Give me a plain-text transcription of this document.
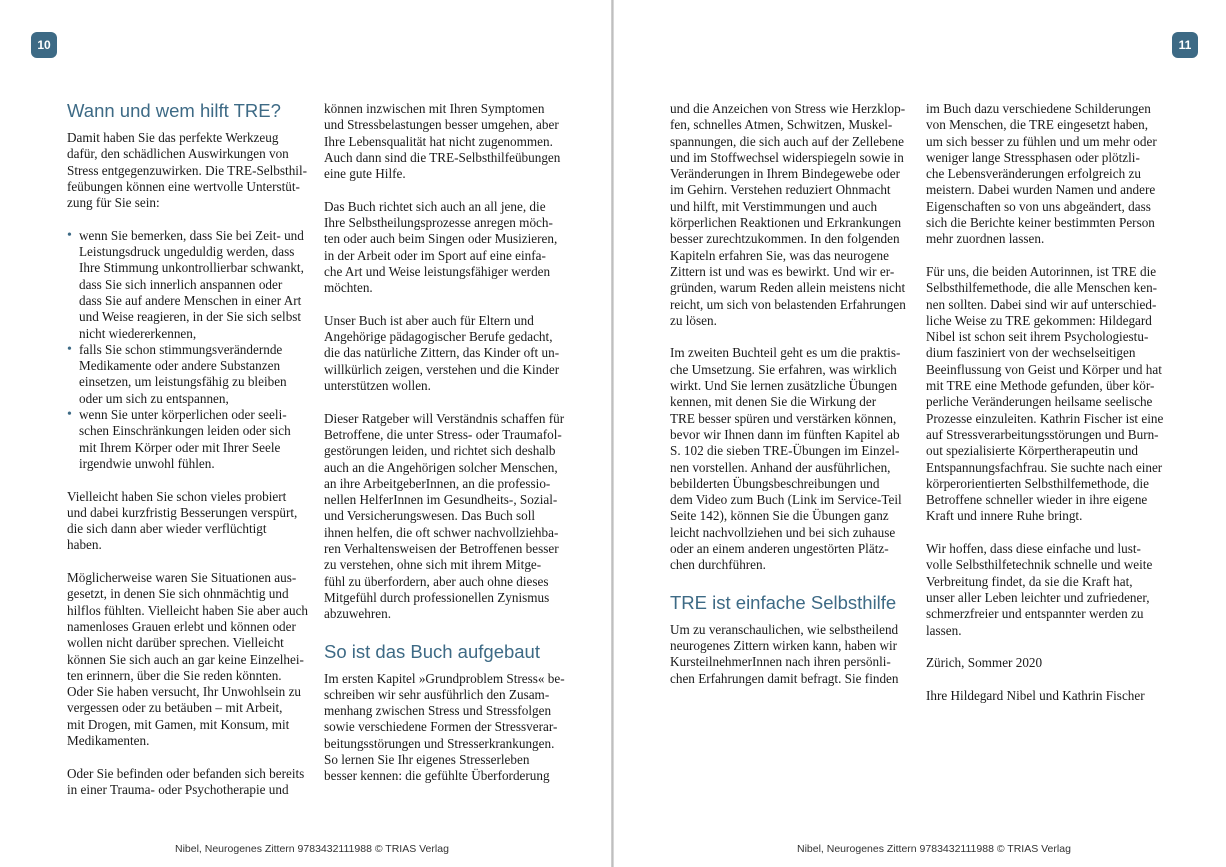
10
Wann und wem hilft TRE?
Damit haben Sie das perfekte Werkzeug
dafür, den schädlichen Auswirkungen von
Stress entgegenzuwirken. Die TRE-Selbsthil-
feübungen können eine wertvolle Unterstüt-
zung für Sie sein:
• wenn Sie bemerken, dass Sie bei Zeit- und
Leistungsdruck ungeduldig werden, dass
Ihre Stimmung unkontrollierbar schwankt,
dass Sie sich innerlich anspannen oder
dass Sie auf andere Menschen in einer Art
und Weise reagieren, in der Sie sich selbst
nicht wiedererkennen,
• falls Sie schon stimmungsverändernde
Medikamente oder andere Substanzen
einsetzen, um leistungsfähig zu bleiben
oder um sich zu entspannen,
• wenn Sie unter körperlichen oder seeli-
schen Einschränkungen leiden oder sich
mit Ihrem Körper oder mit Ihrer Seele
irgendwie unwohl fühlen.
Vielleicht haben Sie schon vieles probiert
und dabei kurzfristig Besserungen verspürt,
die sich dann aber wieder verflüchtigt
haben.
Möglicherweise waren Sie Situationen aus-
gesetzt, in denen Sie sich ohnmächtig und
hilflos fühlten. Vielleicht haben Sie aber auch
namenloses Grauen erlebt und können oder
wollen nicht darüber sprechen. Vielleicht
können Sie sich auch an gar keine Einzelhei-
ten erinnern, über die Sie reden könnten.
Oder Sie haben versucht, Ihr Unwohlsein zu
vergessen oder zu betäuben – mit Arbeit,
mit Drogen, mit Gamen, mit Konsum, mit
Medikamenten.
Oder Sie befinden oder befanden sich bereits
in einer Trauma- oder Psychotherapie und
können inzwischen mit Ihren Symptomen
und Stressbelastungen besser umgehen, aber
Ihre Lebensqualität hat nicht zugenommen.
Auch dann sind die TRE-Selbsthilfeübungen
eine gute Hilfe.
Das Buch richtet sich auch an all jene, die
Ihre Selbstheilungsprozesse anregen möch-
ten oder auch beim Singen oder Musizieren,
in der Arbeit oder im Sport auf eine einfa-
che Art und Weise leistungsfähiger werden
möchten.
Unser Buch ist aber auch für Eltern und
Angehörige pädagogischer Berufe gedacht,
die das natürliche Zittern, das Kinder oft un-
willkürlich zeigen, verstehen und die Kinder
unterstützen wollen.
Dieser Ratgeber will Verständnis schaffen für
Betroffene, die unter Stress- oder Traumafol-
gestörungen leiden, und richtet sich deshalb
auch an die Angehörigen solcher Menschen,
an ihre ArbeitgeberInnen, an die professio-
nellen HelferInnen im Gesundheits-, Sozial-
und Versicherungswesen. Das Buch soll
ihnen helfen, die oft schwer nachvollziehba-
ren Verhaltensweisen der Betroffenen besser
zu verstehen, ohne sich mit ihrem Mitge-
fühl zu überfordern, aber auch ohne dieses
Mitgefühl durch professionellen Zynismus
abzuwehren.
So ist das Buch aufgebaut
Im ersten Kapitel »Grundproblem Stress« be-
schreiben wir sehr ausführlich den Zusam-
menhang zwischen Stress und Stressfolgen
sowie verschiedene Formen der Stressverar-
beitungsstörungen und Stresserkrankungen.
So lernen Sie Ihr eigenes Stresserleben
besser kennen: die gefühlte Überforderung
Nibel, Neurogenes Zittern 9783432111988 © TRIAS Verlag
11
und die Anzeichen von Stress wie Herzklop-
fen, schnelles Atmen, Schwitzen, Muskel-
spannungen, die sich auch auf der Zellebene
und im Stoffwechsel widerspiegeln sowie in
Veränderungen in Ihrem Bindegewebe oder
im Gehirn. Verstehen reduziert Ohnmacht
und hilft, mit Verstimmungen und auch
körperlichen Reaktionen und Erkrankungen
besser zurechtzukommen. In den folgenden
Kapiteln erfahren Sie, was das neurogene
Zittern ist und was es bewirkt. Und wir er-
gründen, warum Reden allein meistens nicht
reicht, um sich von belastenden Erfahrungen
zu lösen.
Im zweiten Buchteil geht es um die praktis-
che Umsetzung. Sie erfahren, was wirklich
wirkt. Und Sie lernen zusätzliche Übungen
kennen, mit denen Sie die Wirkung der
TRE besser spüren und verstärken können,
bevor wir Ihnen dann im fünften Kapitel ab
S. 102 die sieben TRE-Übungen im Einzel-
nen vorstellen. Anhand der ausführlichen,
bebilderten Übungsbeschreibungen und
dem Video zum Buch (Link im Service-Teil
Seite 142), können Sie die Übungen ganz
leicht nachvollziehen und bei sich zuhause
oder an einem anderen ungestörten Plätz-
chen durchführen.
TRE ist einfache Selbsthilfe
Um zu veranschaulichen, wie selbstheilend
neurogenes Zittern wirken kann, haben wir
KursteilnehmerInnen nach ihren persönli-
chen Erfahrungen damit befragt. Sie finden
im Buch dazu verschiedene Schilderungen
von Menschen, die TRE eingesetzt haben,
um sich besser zu fühlen und um mehr oder
weniger lange Stressphasen oder plötzli-
che Lebensveränderungen erfolgreich zu
meistern. Dabei wurden Namen und andere
Eigenschaften so von uns abgeändert, dass
sich die Berichte keiner bestimmten Person
mehr zuordnen lassen.
Für uns, die beiden Autorinnen, ist TRE die
Selbsthilfemethode, die alle Menschen ken-
nen sollten. Dabei sind wir auf unterschied-
liche Weise zu TRE gekommen: Hildegard
Nibel ist schon seit ihrem Psychologiestu-
dium fasziniert von der wechselseitigen
Beeinflussung von Geist und Körper und hat
mit TRE eine Methode gefunden, über kör-
perliche Veränderungen heilsame seelische
Prozesse einzuleiten. Kathrin Fischer ist eine
auf Stressverarbeitungsstörungen und Burn-
out spezialisierte Körpertherapeutin und
Entspannungsfachfrau. Sie suchte nach einer
körperorientierten Selbsthilfemethode, die
Betroffene schneller wieder in ihre eigene
Kraft und innere Ruhe bringt.
Wir hoffen, dass diese einfache und lust-
volle Selbsthilfetechnik schnelle und weite
Verbreitung findet, da sie die Kraft hat,
unser aller Leben leichter und zufriedener,
schmerzfreier und entspannter werden zu
lassen.
Zürich, Sommer 2020
Ihre Hildegard Nibel und Kathrin Fischer
Nibel, Neurogenes Zittern 9783432111988 © TRIAS Verlag
